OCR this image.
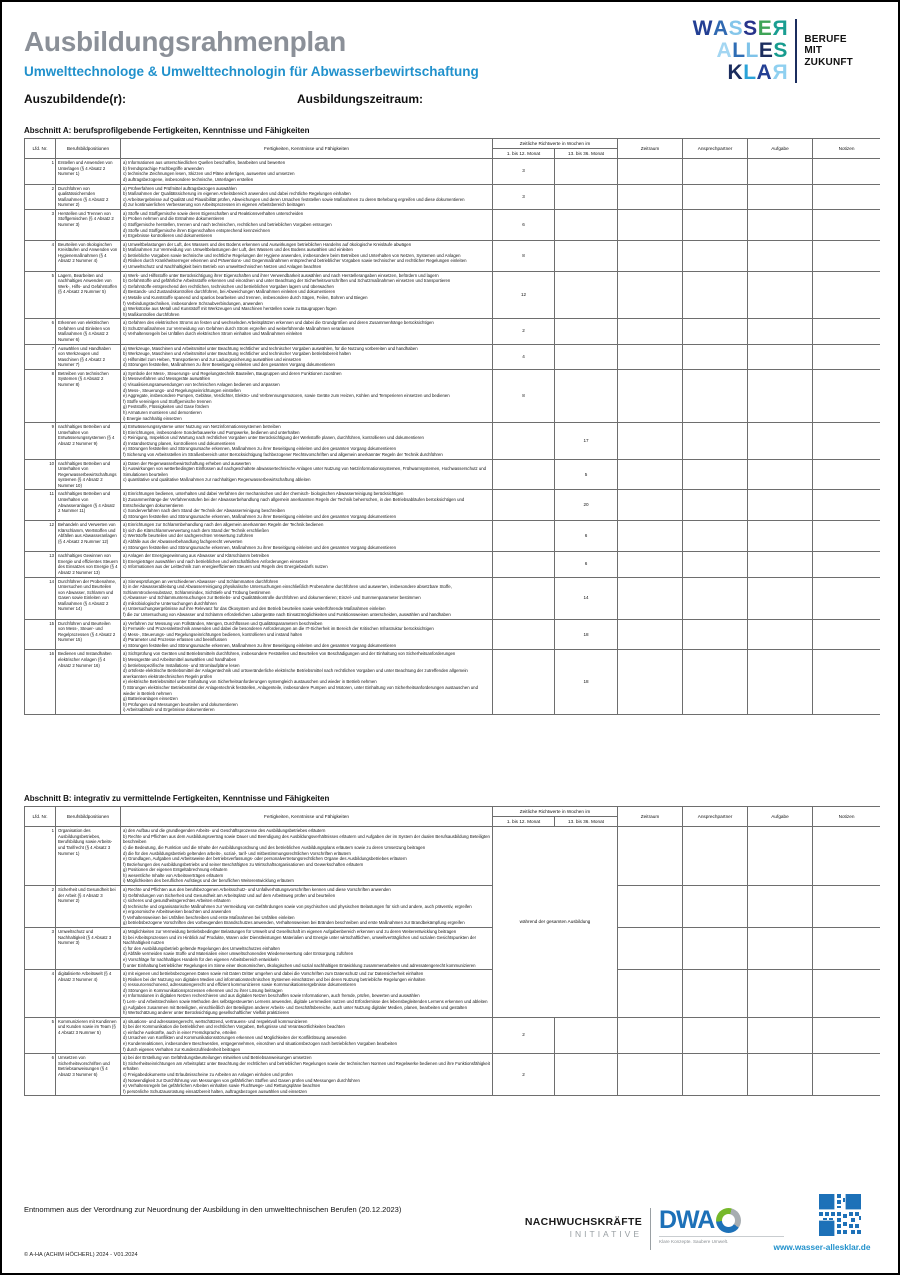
Ausbildungsrahmenplan
Umwelttechnologe & Umwelttechnologin für Abwasserbewirtschaftung
Auszubildende(r):	Ausbildungszeitraum:
WASSER
ALLES
KLAR
BERUFE
MIT
ZUKUNFT
Abschnitt A: berufsprofilgebende Fertigkeiten, Kenntnisse und Fähigkeiten
Lfd. Nr.	Berufsbildpositionen	Fertigkeiten, Kenntnisse und Fähigkeiten	Zeitliche Richtwerte in Wochen im		Zeitraum	Ansprechpartner	Aufgabe	Notizen
			1. bis 12. Monat	13. bis 36. Monat				
1	Erstellen und Anwenden von Unterlagen (§ 4 Absatz 2 Nummer 1)	a) Informationen aus unterschiedlichen Quellen beschaffen, bearbeiten und bewerten
b) fremdsprachige Fachbegriffe anwenden
c) technische Zeichnungen lesen, Skizzen und Pläne anfertigen, auswerten und umsetzen
d) auftragsbezogene, insbesondere technische, Unterlagen erstellen	3					
2	Durchführen von qualitätssichernden Maßnahmen (§ 4 Absatz 2 Nummer 2)	a) Prüfverfahren und Prüfmittel auftragsbezogen auswählen
b) Maßnahmen der Qualitätssicherung im eigenen Arbeitsbereich anwenden und dabei rechtliche Regelungen einhalten
c) Arbeitsergebnisse auf Qualität und Plausibilität prüfen, Abweichungen und deren Ursachen feststellen sowie Maßnahmen zu deren Behebung ergreifen und diese dokumentieren
d) zur kontinuierlichen Verbesserung von Arbeitsprozessen im eigenen Arbeitsbereich beitragen	3					
3	Herstellen und Trennen von Stoffgemischen (§ 4 Absatz 2 Nummer 3)	a) Stoffe und Stoffgemische sowie deren Eigenschaften und Reaktionsverhalten unterscheiden
b) Proben nehmen und die Entnahme dokumentieren
c) Stoffgemische herstellen, trennen und nach technischen, rechtlichen und betrieblichen Vorgaben entsorgen
d) Stoffe und Stoffgemische ihren Eigenschaften entsprechend kennzeichnen
e) Ergebnisse kontrollieren und dokumentieren	6					
4	Beurteilen von ökologischen Kreisläufen und Anwenden von Hygienemaßnahmen (§ 4 Absatz 2 Nummer 4)	a) Umweltbelastungen der Luft, des Wassers und des Bodens erkennen und Auswirkungen betrieblichen Handelns auf ökologische Kreisläufe abwägen
b) Maßnahmen zur Vermeidung von Umweltbelastungen der Luft, des Wassers und des Bodens auswählen und einleiten
c) betriebliche Vorgaben sowie technische und rechtliche Regelungen der Hygiene anwenden, insbesondere beim Betreiben und Unterhalten von Netzen, Systemen und Anlagen
d) Risiken durch Krankheitserreger erkennen und Präventions- und Gegenmaßnahmen entsprechend betrieblicher Vorgaben sowie technischer und rechtlicher Regelungen einleiten
e) Umweltschutz und Nachhaltigkeit beim Betrieb von umwelttechnischen Netzen und Anlagen beachten	8					
5	Lagern, Bearbeiten und nachhaltiges Anwenden von Werk-, Hilfs- und Gefahrstoffen (§ 4 Absatz 2 Nummer 5)	
a) Werk- und Hilfsstoffe unter Berücksichtigung ihrer Eigenschaften und ihrer Verwendbarkeit auswählen und nach Herstellerangaben einsetzen, befördern und lagern
b) Gefahrstoffe und gefährliche Arbeitsstoffe erkennen und einordnen und unter Beachtung der Sicherheitsvorschriften und Schutzmaßnahmen einsetzen und transportieren
c) Gefahrstoffe entsprechend den rechtlichen, technischen und betrieblichen Vorgaben lagern und überwachen
d) Bestands- und Zustandskontrollen durchführen, bei Abweichungen Maßnahmen einleiten und dokumentieren
e) Metalle und Kunststoffe spanend und spanlos bearbeiten und trennen, insbesondere durch Sägen, Feilen, Bohren und Biegen
f) Verbindungstechniken, insbesondere Schraubverbindungen, anwenden
g) Werkstücke aus Metall und Kunststoff mit Werkzeugen und Maschinen herstellen sowie zu Baugruppen fügen
h) Maßkontrollen durchführen
	12					
6	Erkennen von elektrischen Gefahren und Einleiten von Maßnahmen (§ 4 Absatz 2 Nummer 6)	a) Gefahren des elektrischen Stroms an festen und wechselnden Arbeitsplätzen erkennen und dabei die Grundgrößen und deren Zusammenhänge berücksichtigen
b) Schutzmaßnahmen zur Vermeidung von Gefahren durch Strom ergreifen und weiterführende Maßnahmen veranlassen
c) Verhaltensregeln bei Unfällen durch elektrischen Strom einhalten und Maßnahmen einleiten	2					
7	Auswählen und Handhaben von Werkzeugen und Maschinen (§ 4 Absatz 2 Nummer 7)	a) Werkzeuge, Maschinen und Arbeitsmittel unter Beachtung rechtlicher und technischer Vorgaben auswählen, für die Nutzung vorbereiten und handhaben
b) Werkzeuge, Maschinen und Arbeitsmittel unter Beachtung rechtlicher und technischer Vorgaben betriebsbereit halten
c) Hilfsmittel zum Heben, Transportieren und zur Ladungssicherung auswählen und einsetzen
d) Störungen feststellen, Maßnahmen zu ihrer Beseitigung einleiten und den gesamten Vorgang dokumentieren	4					
8	Betreiben von technischen Systemen (§ 4 Absatz 2 Nummer 8)	
a) Symbole der Mess-, Steuerungs- und Regelungstechnik Bauteilen, Baugruppen und deren Funktionen zuordnen
b) Messverfahren und Messgeräte auswählen
c) Visualisierungsanwendungen von technischen Anlagen bedienen und anpassen
d) Mess-, Steuerungs- und Regelungseinrichtungen einstellen
e) Aggregate, insbesondere Pumpen, Gebläse, Verdichter, Elektro- und Verbrennungsmotoren, sowie Geräte zum Heizen, Kühlen und Temperieren einsetzen und bedienen
f) Stoffe vereinigen und Stoffgemische trennen
g) Feststoffe, Flüssigkeiten und Gase fördern
h) Armaturen montieren und demontieren
i) Energie nachhaltig einsetzen
	8					
9	nachhaltiges Betreiben und Unterhalten von Entwässerungssystemen (§ 4 Absatz 2 Nummer 9)	
a) Entwässerungssysteme unter Nutzung von Netzinformationssystemen betreiben
b) Einrichtungen, insbesondere Sonderbauwerke und Pumpwerke, bedienen und unterhalten
c) Reinigung, Inspektion und Wartung nach rechtlichen Vorgaben unter Berücksichtigung der Werkstoffe planen, durchführen, kontrollieren und dokumentieren
d) Instandsetzung planen, kontrollieren und dokumentieren
e) Störungen feststellen und Störungsursache erkennen, Maßnahmen zu ihrer Beseitigung einleiten und den gesamten Vorgang dokumentieren
f) Sicherung von Arbeitsstellen im Straßenbereich unter Berücksichtigung fachbezogener Rechtsvorschriften und allgemein anerkannter Regeln der Technik durchführen
		17				
10	nachhaltiges Betreiben und Unterhalten von Regenwasserbewirtschaftungssystemen (§ 4 Absatz 2 Nummer 10)	a) Daten der Regenwasserbewirtschaftung erheben und auswerten
b) Auswirkungen von wetterbedingten Einflüssen auf nachgeschaltete abwassertechnische Anlagen unter Nutzung von Netzinformationssystemen, Frühwarnsystemen, Hochwasserschutz und Simulationen beurteilen
c) quantitative und qualitative Maßnahmen zur nachhaltigen Regenwasserbewirtschaftung ableiten		5				
11	nachhaltiges Betreiben und Unterhalten von Abwasseranlagen (§ 4 Absatz 2 Nummer 11)	a) Einrichtungen bedienen, unterhalten und dabei Verfahren der mechanischen und der chemisch- biologischen Abwasserreinigung berücksichtigen
b) Zusammenhänge der Verfahrensstufen bei der Abwasserbehandlung nach allgemein anerkannten Regeln der Technik beherrschen, in den Betriebsabläufen berücksichtigen und Entscheidungen dokumentieren
c) Sonderverfahren nach dem Stand der Technik der Abwasserreinigung beschreiben
d) Störungen feststellen und Störungsursache erkennen, Maßnahmen zu ihrer Beseitigung einleiten und den gesamten Vorgang dokumentieren		20				
12	Behandeln und Verwerten von Klärschlamm, Wertstoffen und Abfällen aus Abwasseranlagen (§ 4 Absatz 2 Nummer 12)	a) Einrichtungen zur Schlammbehandlung nach den allgemein anerkannten Regeln der Technik bedienen
b) sich die Klärschlammverwertung nach dem Stand der Technik erschließen
c) Wertstoffe beurteilen und der sachgerechten Verwertung zuführen
d) Abfälle aus der Abwasserbehandlung fachgerecht verwerten
e) Störungen feststellen und Störungsursache erkennen, Maßnahmen zu ihrer Beseitigung einleiten und den gesamten Vorgang dokumentieren		6				
13	nachhaltiges Gewinnen von Energie und effizientes Steuern des Einsatzes von Energie (§ 4 Absatz 2 Nummer 13)	a) Anlagen der Energiegewinnung aus Abwasser und Klärschlamm betreiben
b) Energieträger auswählen und nach betrieblichen und wirtschaftlichen Anforderungen einsetzen
c) Informationen aus der Leittechnik zum energieeffizienten Steuern und Regeln des Energiebedarfs nutzen		6				
14	Durchführen der Probenahme, Untersuchen und Beurteilen von Abwasser, Schlamm und Gasen sowie Einleiten von Maßnahmen (§ 4 Absatz 2 Nummer 14)	
a) Sinnesprüfungen an verschiedenen Abwasser- und Schlammarten durchführen
b) in der Abwasserableitung und Abwasserreinigung physikalische Untersuchungen einschließlich Probenahme durchführen und auswerten, insbesondere absetzbare Stoffe, Schlammtrockensubstanz, Schlammindex, Sichttiefe und Trübung bestimmen
c) Abwasser- und Schlammuntersuchungen zur Betriebs- und Qualitätskontrolle durchführen und dokumentieren; Einzel- und Summenparameter bestimmen
d) mikrobiologische Untersuchungen durchführen
e) Untersuchungsergebnisse auf ihre Relevanz für das Ökosystem und den Betrieb beurteilen sowie weiterführende Maßnahmen einleiten
f) die zur Untersuchung von Abwasser und Schlamm erforderlichen Laborgeräte nach Einsatzmöglichkeiten und Funktionsweisen unterscheiden, auswählen und handhaben
		14				
15	Durchführen und Beurteilen von Mess-, Steuer- und Regelprozessen (§ 4 Absatz 2 Nummer 15)	a) Verfahren zur Messung von Füllständen, Mengen, Durchflüssen und Qualitätsparametern beschreiben
b) Fernwirk- und Prozessleittechnik anwenden und dabei die besonderen Anforderungen an die IT-Sicherheit im Bereich der Kritischen Infrastruktur berücksichtigen
c) Mess-, Steuerungs- und Regelungseinrichtungen bedienen, kontrollieren und instand halten
d) Parameter und Prozesse erfassen und beeinflussen
e) Störungen feststellen und Störungsursache erkennen, Maßnahmen zu ihrer Beseitigung einleiten und den gesamten Vorgang dokumentieren		18				
16	Bedienen und Instandhalten elektrischer Anlagen (§ 4 Absatz 2 Nummer 16)	
a) Sichtprüfung von Geräten und Betriebsmitteln durchführen, insbesondere Feststellen und Beurteilen von Beschädigungen und der Einhaltung von Sicherheitsanforderungen
b) Messgeräte und Arbeitsmittel auswählen und handhaben
c) betriebsspezifische Installations- und Stromlaufpläne lesen
d) ortsfeste elektrische Betriebsmittel der Anlagentechnik und ortsveränderliche elektrische Betriebsmittel nach rechtlichen Vorgaben und unter Beachtung der zutreffenden allgemein anerkannten elektrotechnischen Regeln prüfen
e) elektrische Betriebsmittel unter Einhaltung von Sicherheitsanforderungen systemgleich austauschen und wieder in Betrieb nehmen
f) Störungen elektrischer Betriebsmittel der Anlagentechnik feststellen, Anlagenteile, insbesondere Pumpen und Motoren, unter Einhaltung von Sicherheitsanforderungen austauschen und wieder in Betrieb nehmen
g) Batterieanlagen einsetzen
h) Prüfungen und Messungen beurteilen und dokumentieren
i) Arbeitsabläufe und Ergebnisse dokumentieren
		18				
Abschnitt B: integrativ zu vermittelnde Fertigkeiten, Kenntnisse und Fähigkeiten
Lfd. Nr.	Berufsbildpositionen	Fertigkeiten, Kenntnisse und Fähigkeiten	Zeitliche Richtwerte in Wochen im		Zeitraum	Ansprechpartner	Aufgabe	Notizen
			1. bis 12. Monat	13. bis 36. Monat				
1	Organisation des Ausbildungsbetriebes, Berufsbildung sowie Arbeits- und Tarifrecht (§ 4 Absatz 3 Nummer 1)	
a) den Aufbau und die grundlegenden Arbeits- und Geschäftsprozesse des Ausbildungsbetriebes erläutern
b) Rechte und Pflichten aus dem Ausbildungsvertrag sowie Dauer und Beendigung des Ausbildungsverhältnisses erläutern und Aufgaben der im System der dualen Berufsausbildung Beteiligten beschreiben
c) die Bedeutung, die Funktion und die Inhalte der Ausbildungsordnung und des betrieblichen Ausbildungsplans erläutern sowie zu deren Umsetzung beitragen
d) die für den Ausbildungsbetrieb geltenden arbeits-, sozial-, tarif- und mitbestimmungsrechtlichen Vorschriften erläutern
e) Grundlagen, Aufgaben und Arbeitsweise der betriebsverfassungs- oder personalvertretungsrechtlichen Organe des Ausbildungsbetriebes erläutern
f) Beziehungen des Ausbildungsbetriebs und seiner Beschäftigten zu Wirtschaftsorganisationen und Gewerkschaften erläutern
g) Positionen der eigenen Entgeltabrechnung erläutern
h) wesentliche Inhalte von Arbeitsverträgen erläutern
i) Möglichkeiten des beruflichen Aufstiegs und der beruflichen Weiterentwicklung erläutern
	während der gesamten Ausbildung				
2	Sicherheit und Gesundheit bei der Arbeit (§ 4 Absatz 3 Nummer 2)	
a) Rechte und Pflichten aus den berufsbezogenen Arbeitsschutz- und Unfallverhütungsvorschriften kennen und diese Vorschriften anwenden
b) Gefährdungen von Sicherheit und Gesundheit am Arbeitsplatz und auf dem Arbeitsweg prüfen und beurteilen
c) sicheres und gesundheitsgerechtes Arbeiten erläutern
d) technische und organisatorische Maßnahmen zur Vermeidung von Gefährdungen sowie von psychischen und physischen Belastungen für sich und andere, auch präventiv, ergreifen
e) ergonomische Arbeitsweisen beachten und anwenden
f) Verhaltensweisen bei Unfällen beschreiben und erste Maßnahmen bei Unfällen einleiten
g) betriebsbezogene Vorschriften des vorbeugenden Brandschutzes anwenden, Verhaltensweisen bei Bränden beschreiben und erste Maßnahmen zur Brandbekämpfung ergreifen

3	Umweltschutz und Nachhaltigkeit (§ 4 Absatz 3 Nummer 3)	
a) Möglichkeiten zur Vermeidung betriebsbedingter Belastungen für Umwelt und Gesellschaft im eigenen Aufgabenbereich erkennen und zu deren Weiterentwicklung beitragen
b) bei Arbeitsprozessen und im Hinblick auf Produkte, Waren oder Dienstleistungen Materialien und Energie unter wirtschaftlichen, umweltverträglichen und sozialen Gesichtspunkten der Nachhaltigkeit nutzen
c) für den Ausbildungsbetrieb geltende Regelungen des Umweltschutzes einhalten
d) Abfälle vermeiden sowie Stoffe und Materialien einer umweltschonenden Wiederverwertung oder Entsorgung zuführen
e) Vorschläge für nachhaltiges Handeln für den eigenen Arbeitsbereich entwickeln
f) unter Einhaltung betrieblicher Regelungen im Sinne einer ökonomischen, ökologischen und sozial nachhaltigen Entwicklung zusammenarbeiten und adressatengerecht kommunizieren

4	digitalisierte Arbeitswelt (§ 4 Absatz 3 Nummer 4)	
a) mit eigenen und betriebsbezogenen Daten sowie mit Daten Dritter umgehen und dabei die Vorschriften zum Datenschutz und zur Datensicherheit einhalten
b) Risiken bei der Nutzung von digitalen Medien und informationstechnischen Systemen einschätzen und bei deren Nutzung betriebliche Regelungen einhalten
c) ressourcenschonend, adressatengerecht und effizient kommunizieren sowie Kommunikationsergebnisse dokumentieren
d) Störungen in Kommunikationsprozessen erkennen und zu ihrer Lösung beitragen
e) Informationen in digitalen Netzen recherchieren und aus digitalen Netzen beschaffen sowie Informationen, auch fremde, prüfen, bewerten und auswählen
f) Lern- und Arbeitstechniken sowie Methoden des selbstgesteuerten Lernens anwenden, digitale Lernmedien nutzen und Erfordernisse des lebensbegleitenden Lernens erkennen und ableiten
g) Aufgaben zusammen mit Beteiligten, einschließlich der Beteiligten anderer Arbeits- und Geschäftsbereiche, auch unter Nutzung digitaler Medien, planen, bearbeiten und gestalten
h) Wertschätzung anderer unter Berücksichtigung gesellschaftlicher Vielfalt praktizieren

5	Kommunizieren mit Kundinnen und Kunden sowie im Team (§ 4 Absatz 3 Nummer 5)	
a) situations- und adressatengerecht, wertschätzend, vertrauens- und respektvoll kommunizieren
b) bei der Kommunikation die betrieblichen und rechtlichen Vorgaben, Befugnisse und Verantwortlichkeiten beachten
c) einfache Auskünfte, auch in einer Fremdsprache, erteilen
d) Ursachen von Konflikten und Kommunikationsstörungen erkennen und Möglichkeiten der Konfliktlösung anwenden
e) Kundenreaktionen, insbesondere Beschwerden, entgegennehmen, einordnen und situationsbezogen nach betrieblichen Vorgaben bearbeiten
f) durch eigenes Verhalten zur Kundenzufriedenheit beitragen
	2					
6	Umsetzen von Sicherheitsvorschriften und Betriebsanweisungen (§ 4 Absatz 3 Nummer 6)	
a) bei der Erstellung von Gefährdungsbeurteilungen mitwirken und Betriebsanweisungen umsetzen
b) Sicherheitseinrichtungen am Arbeitsplatz unter Beachtung der rechtlichen und betrieblichen Regelungen sowie der technischen Normen und Regelwerke bedienen und ihre Funktionsfähigkeit erhalten
c) Freigabedokumente und Erlaubnisscheine zu Arbeiten an Anlagen einholen und prüfen
d) Notwendigkeit zur Durchführung von Messungen von gefährlichen Stoffen und Gasen prüfen und Messungen durchführen
e) Verhaltensregeln bei gefährlichen Arbeiten einhalten sowie Fluchtwege- und Rettungspläne beachten
f) persönliche Schutzausrüstung einsatzbereit halten, auftragsbezogen auswählen und einsetzen
	2					
Entnommen aus der Verordnung zur Neuordnung der Ausbildung in den umwelttechnischen Berufen (20.12.2023)
© A-HA (ACHIM HÖCHERL) 2024 - V01.2024
NACHWUCHSKRÄFTE
INITIATIVE DWA
Klare Konzepte. Saubere Umwelt.
www.wasser-allesklar.de
